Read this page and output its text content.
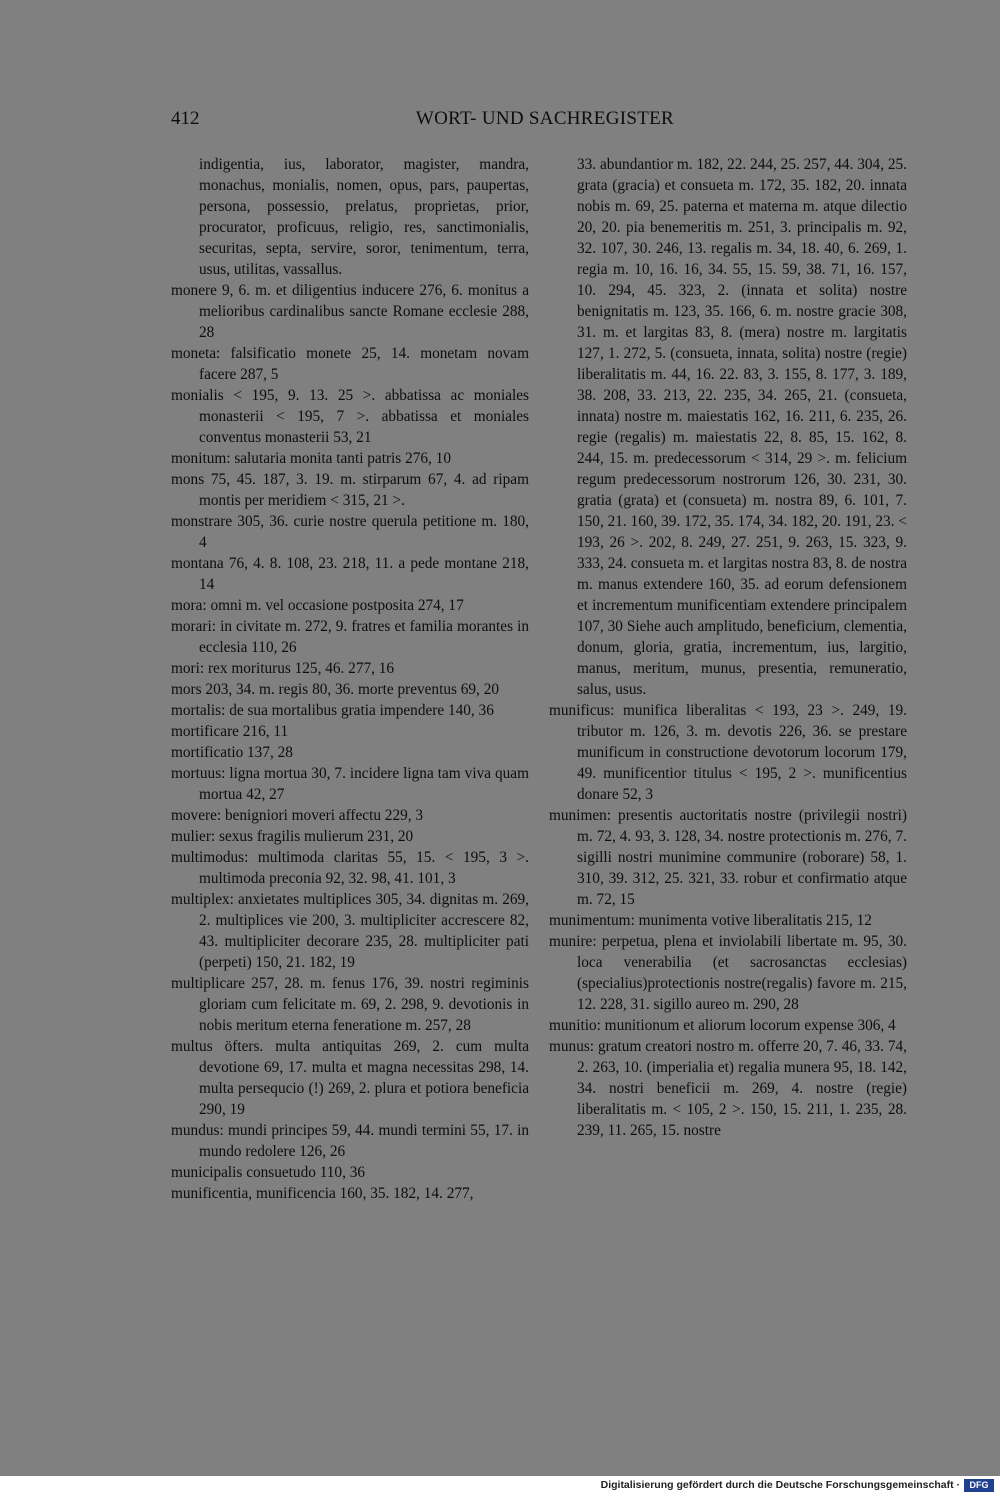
412	WORT- UND SACHREGISTER
indigentia, ius, laborator, magister, mandra, monachus, monialis, nomen, opus, pars, paupertas, persona, possessio, prelatus, proprietas, prior, procurator, proficuus, religio, res, sanctimonialis, securitas, septa, servire, soror, tenimentum, terra, usus, utilitas, vassallus.
monere 9, 6. m. et diligentius inducere 276, 6. monitus a melioribus cardinalibus sancte Romane ecclesie 288, 28
moneta: falsificatio monete 25, 14. monetam novam facere 287, 5
monialis < 195, 9. 13. 25 >. abbatissa ac moniales monasterii < 195, 7 >. abbatissa et moniales conventus monasterii 53, 21
monitum: salutaria monita tanti patris 276, 10
mons 75, 45. 187, 3. 19. m. stirparum 67, 4. ad ripam montis per meridiem < 315, 21 >.
monstrare 305, 36. curie nostre querula petitione m. 180, 4
montana 76, 4. 8. 108, 23. 218, 11. a pede montane 218, 14
mora: omni m. vel occasione postposita 274, 17
morari: in civitate m. 272, 9. fratres et familia morantes in ecclesia 110, 26
mori: rex moriturus 125, 46. 277, 16
mors 203, 34. m. regis 80, 36. morte preventus 69, 20
mortalis: de sua mortalibus gratia impendere 140, 36
mortificare 216, 11
mortificatio 137, 28
mortuus: ligna mortua 30, 7. incidere ligna tam viva quam mortua 42, 27
movere: benigniori moveri affectu 229, 3
mulier: sexus fragilis mulierum 231, 20
multimodus: multimoda claritas 55, 15. < 195, 3 >. multimoda preconia 92, 32. 98, 41. 101, 3
multiplex: anxietates multiplices 305, 34. dignitas m. 269, 2. multiplices vie 200, 3. multipliciter accrescere 82, 43. multipliciter decorare 235, 28. multipliciter pati (perpeti) 150, 21. 182, 19
multiplicare 257, 28. m. fenus 176, 39. nostri regiminis gloriam cum felicitate m. 69, 2. 298, 9. devotionis in nobis meritum eterna feneratione m. 257, 28
multus öfters. multa antiquitas 269, 2. cum multa devotione 69, 17. multa et magna necessitas 298, 14. multa persequcio (!) 269, 2. plura et potiora beneficia 290, 19
mundus: mundi principes 59, 44. mundi termini 55, 17. in mundo redolere 126, 26
municipalis consuetudo 110, 36
munificentia, munificencia 160, 35. 182, 14. 277,
33. abundantior m. 182, 22. 244, 25. 257, 44. 304, 25. grata (gracia) et consueta m. 172, 35. 182, 20. innata nobis m. 69, 25. paterna et materna m. atque dilectio 20, 20. pia benemeritis m. 251, 3. principalis m. 92, 32. 107, 30. 246, 13. regalis m. 34, 18. 40, 6. 269, 1. regia m. 10, 16. 16, 34. 55, 15. 59, 38. 71, 16. 157, 10. 294, 45. 323, 2. (innata et solita) nostre benignitatis m. 123, 35. 166, 6. m. nostre gracie 308, 31. m. et largitas 83, 8. (mera) nostre m. largitatis 127, 1. 272, 5. (consueta, innata, solita) nostre (regie) liberalitatis m. 44, 16. 22. 83, 3. 155, 8. 177, 3. 189, 38. 208, 33. 213, 22. 235, 34. 265, 21. (consueta, innata) nostre m. maiestatis 162, 16. 211, 6. 235, 26. regie (regalis) m. maiestatis 22, 8. 85, 15. 162, 8. 244, 15. m. predecessorum < 314, 29 >. m. felicium regum predecessorum nostrorum 126, 30. 231, 30. gratia (grata) et (consueta) m. nostra 89, 6. 101, 7. 150, 21. 160, 39. 172, 35. 174, 34. 182, 20. 191, 23. < 193, 26 >. 202, 8. 249, 27. 251, 9. 263, 15. 323, 9. 333, 24. consueta m. et largitas nostra 83, 8. de nostra m. manus extendere 160, 35. ad eorum defensionem et incrementum munificentiam extendere principalem 107, 30 Siehe auch amplitudo, beneficium, clementia, donum, gloria, gratia, incrementum, ius, largitio, manus, meritum, munus, presentia, remuneratio, salus, usus.
munificus: munifica liberalitas < 193, 23 >. 249, 19. tributor m. 126, 3. m. devotis 226, 36. se prestare munificum in constructione devotorum locorum 179, 49. munificentior titulus < 195, 2 >. munificentius donare 52, 3
munimen: presentis auctoritatis nostre (privilegii nostri) m. 72, 4. 93, 3. 128, 34. nostre protectionis m. 276, 7. sigilli nostri munimine communire (roborare) 58, 1. 310, 39. 312, 25. 321, 33. robur et confirmatio atque m. 72, 15
munimentum: munimenta votive liberalitatis 215, 12
munire: perpetua, plena et inviolabili libertate m. 95, 30. loca venerabilia (et sacrosanctas ecclesias)(specialius)protectionis nostre(regalis) favore m. 215, 12. 228, 31. sigillo aureo m. 290, 28
munitio: munitionum et aliorum locorum expense 306, 4
munus: gratum creatori nostro m. offerre 20, 7. 46, 33. 74, 2. 263, 10. (imperialia et) regalia munera 95, 18. 142, 34. nostri beneficii m. 269, 4. nostre (regie) liberalitatis m. < 105, 2 >. 150, 15. 211, 1. 235, 28. 239, 11. 265, 15. nostre
Digitalisierung gefördert durch die Deutsche Forschungsgemeinschaft ·	DFG
